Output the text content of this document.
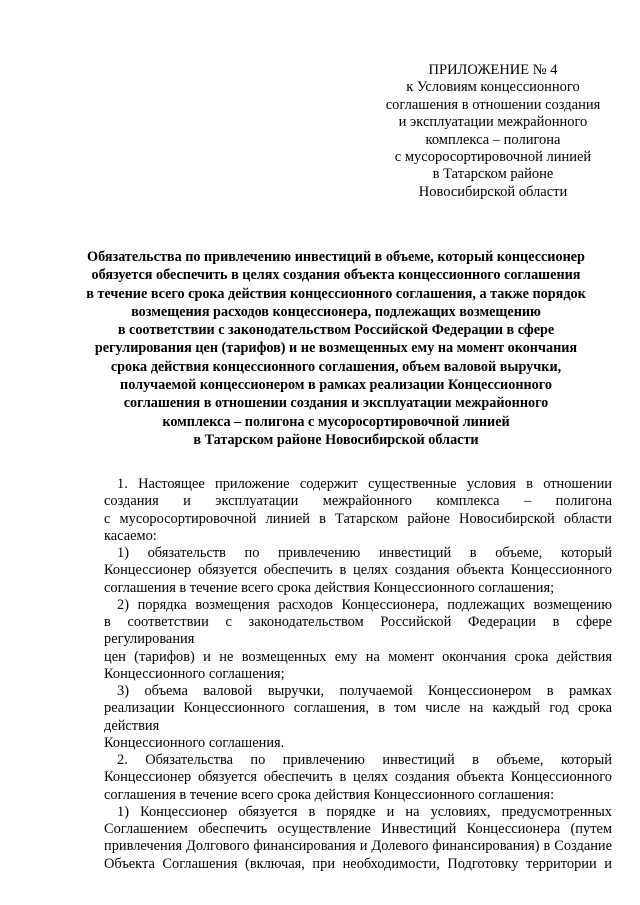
ПРИЛОЖЕНИЕ № 4
к Условиям концессионного
соглашения в отношении создания
и эксплуатации межрайонного
комплекса – полигона
с мусоросортировочной линией
в Татарском районе
Новосибирской области
Обязательства по привлечению инвестиций в объеме, который концессионер
обязуется обеспечить в целях создания объекта концессионного соглашения
в течение всего срока действия концессионного соглашения, а также порядок
возмещения расходов концессионера, подлежащих возмещению
в соответствии с законодательством Российской Федерации в сфере
регулирования цен (тарифов) и не возмещенных ему на момент окончания
срока действия концессионного соглашения, объем валовой выручки,
получаемой концессионером в рамках реализации Концессионного
соглашения в отношении создания и эксплуатации межрайонного
комплекса – полигона с мусоросортировочной линией
в Татарском районе Новосибирской области
1. Настоящее приложение содержит существенные условия в отношении
создания и эксплуатации межрайонного комплекса – полигона
с мусоросортировочной линией в Татарском районе Новосибирской области
касаемо:
1) обязательств по привлечению инвестиций в объеме, который
Концессионер обязуется обеспечить в целях создания объекта Концессионного
соглашения в течение всего срока действия Концессионного соглашения;
2) порядка возмещения расходов Концессионера, подлежащих возмещению
в соответствии с законодательством Российской Федерации в сфере регулирования
цен (тарифов) и не возмещенных ему на момент окончания срока действия
Концессионного соглашения;
3) объема валовой выручки, получаемой Концессионером в рамках
реализации Концессионного соглашения, в том числе на каждый год срока действия
Концессионного соглашения.
2. Обязательства по привлечению инвестиций в объеме, который
Концессионер обязуется обеспечить в целях создания объекта Концессионного
соглашения в течение всего срока действия Концессионного соглашения:
1) Концессионер обязуется в порядке и на условиях, предусмотренных
Соглашением обеспечить осуществление Инвестиций Концессионера (путем
привлечения Долгового финансирования и Долевого финансирования) в Создание
Объекта Соглашения (включая, при необходимости, Подготовку территории и
